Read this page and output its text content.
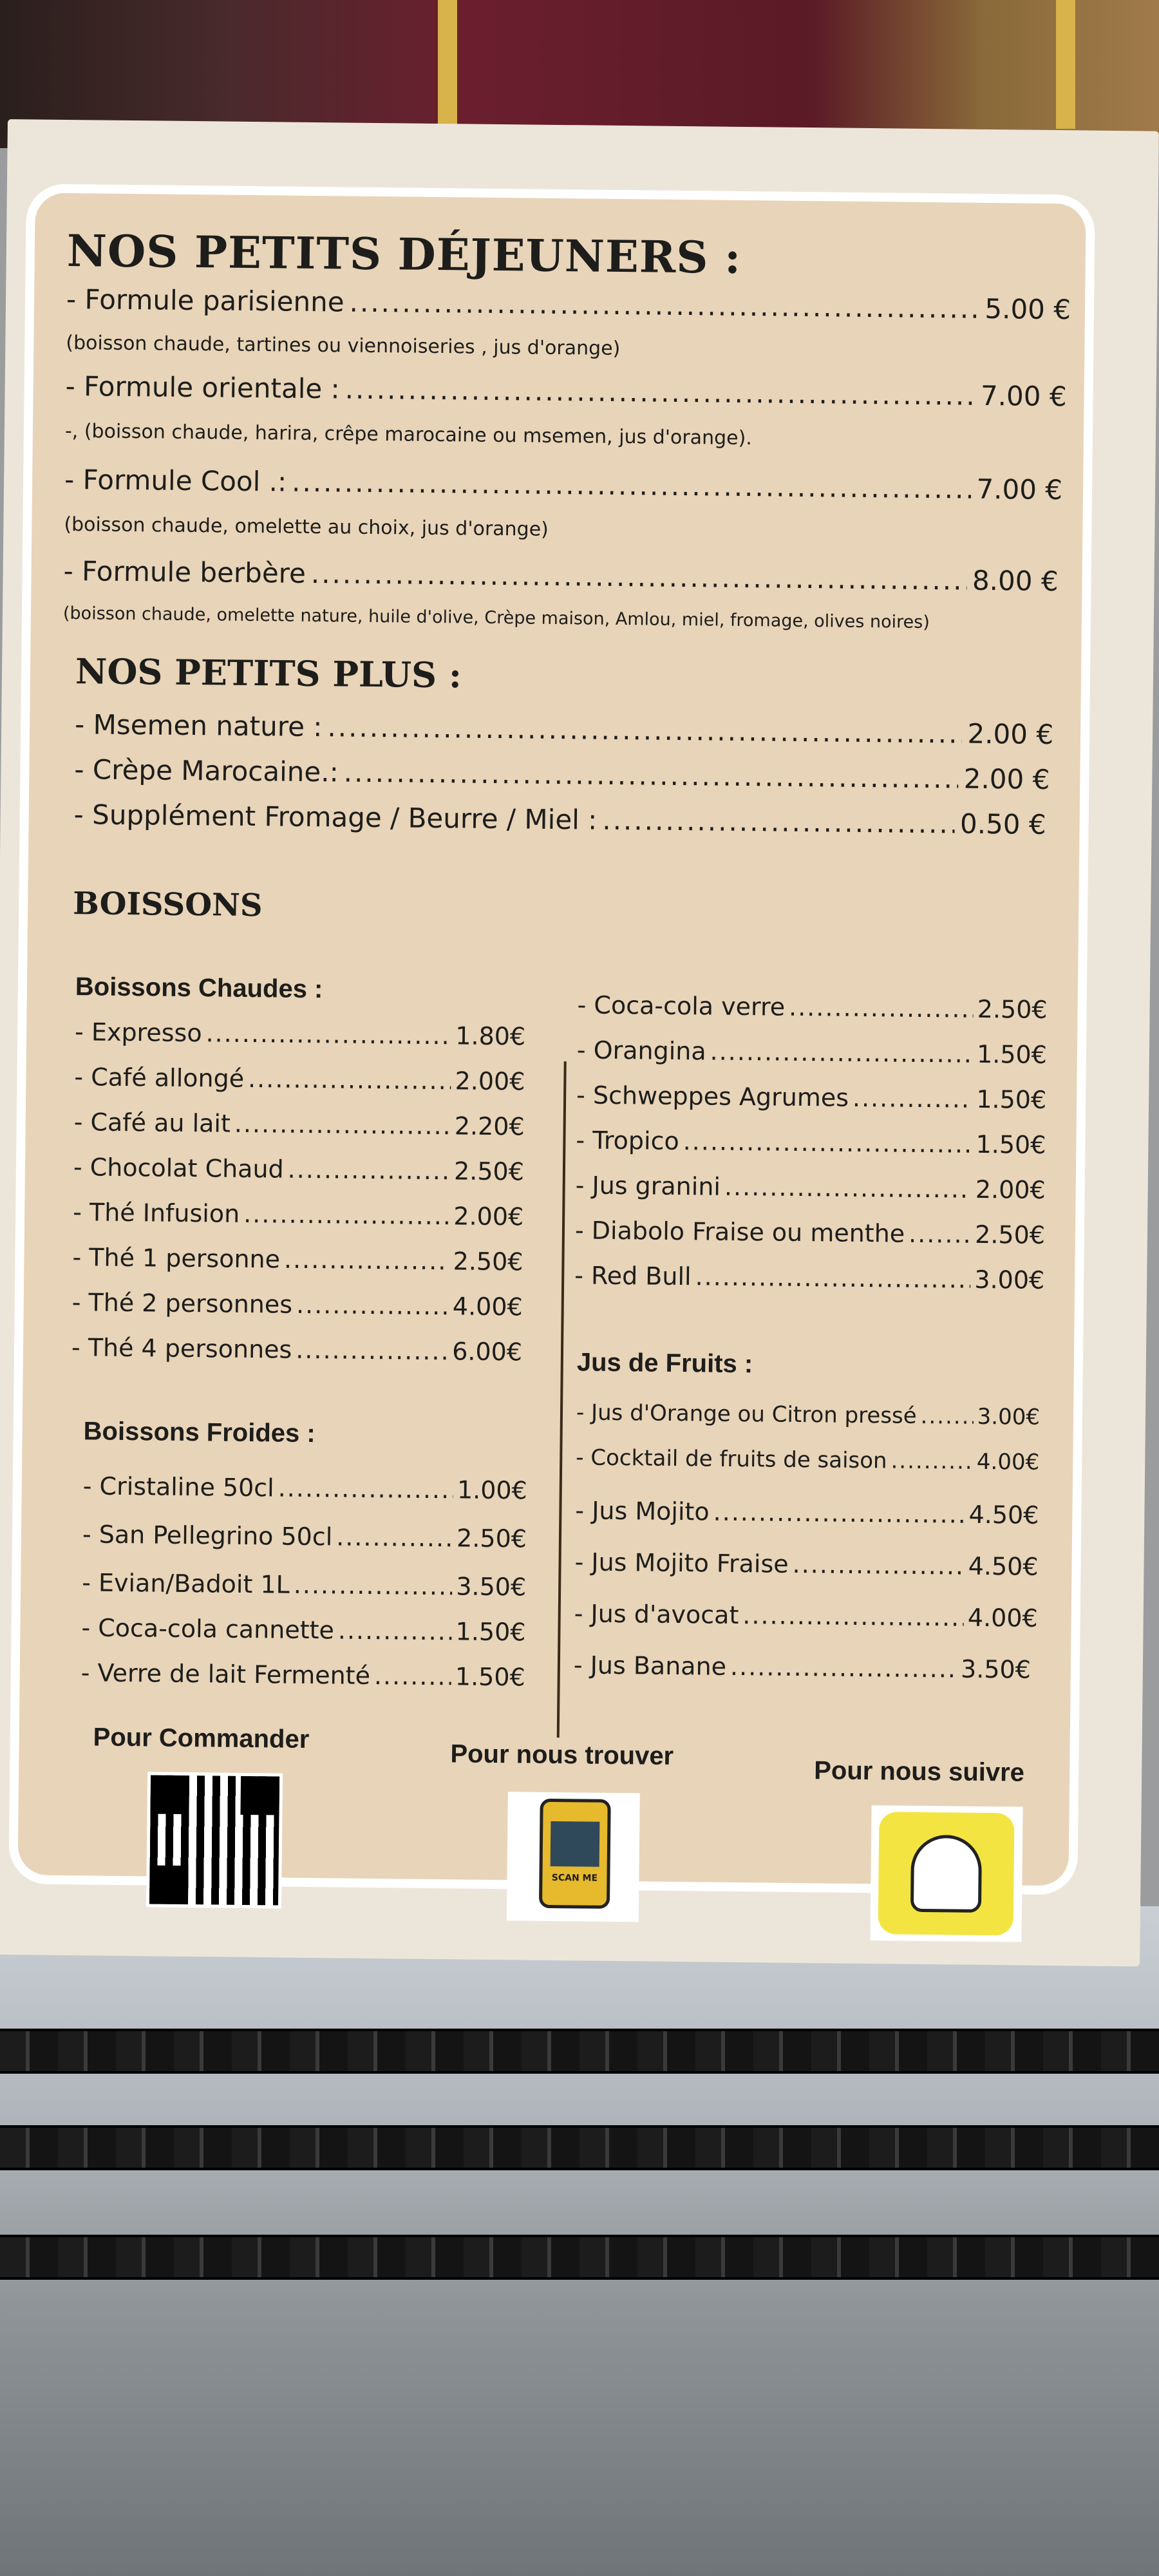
NOS PETITS DÉJEUNERS :
- Formule parisienne .....	5.00 €
(boisson chaude, tartines ou viennoiseries , jus d'orange)
- Formule orientale : .....	7.00 €
-, (boisson chaude, harira, crêpe marocaine ou msemen, jus d'orange).
- Formule Cool .: .....	7.00 €
(boisson chaude, omelette au choix, jus d'orange)
- Formule berbère .....	8.00 €
(boisson chaude, omelette nature, huile d'olive, Crèpe maison, Amlou, miel, fromage, olives noires)
NOS PETITS PLUS :
- Msemen nature : .....	2.00 €
- Crèpe Marocaine.: .....	2.00 €
- Supplément Fromage / Beurre / Miel : .....	0.50 €
BOISSONS
Boissons Chaudes :
- Expresso .....	1.80€
- Café allongé .....	2.00€
- Café au lait .....	2.20€
- Chocolat Chaud .....	2.50€
- Thé Infusion .....	2.00€
- Thé 1 personne .....	2.50€
- Thé 2 personnes .....	4.00€
- Thé 4 personnes .....	6.00€
Boissons Froides :
- Cristaline 50cl .....	1.00€
- San Pellegrino 50cl .....	2.50€
- Evian/Badoit 1L .....	3.50€
- Coca-cola cannette .....	1.50€
- Verre de lait Fermenté .....	1.50€
- Coca-cola verre .....	2.50€
- Orangina .....	1.50€
- Schweppes Agrumes .....	1.50€
- Tropico .....	1.50€
- Jus granini .....	2.00€
- Diabolo Fraise ou menthe .....	2.50€
- Red Bull .....	3.00€
Jus de Fruits :
- Jus d'Orange ou Citron pressé .....	3.00€
- Cocktail de fruits de saison .....	4.00€
- Jus Mojito .....	4.50€
- Jus Mojito Fraise .....	4.50€
- Jus d'avocat .....	4.00€
- Jus Banane .....	3.50€
Pour Commander
Pour nous trouver
SCAN ME
Pour nous suivre
